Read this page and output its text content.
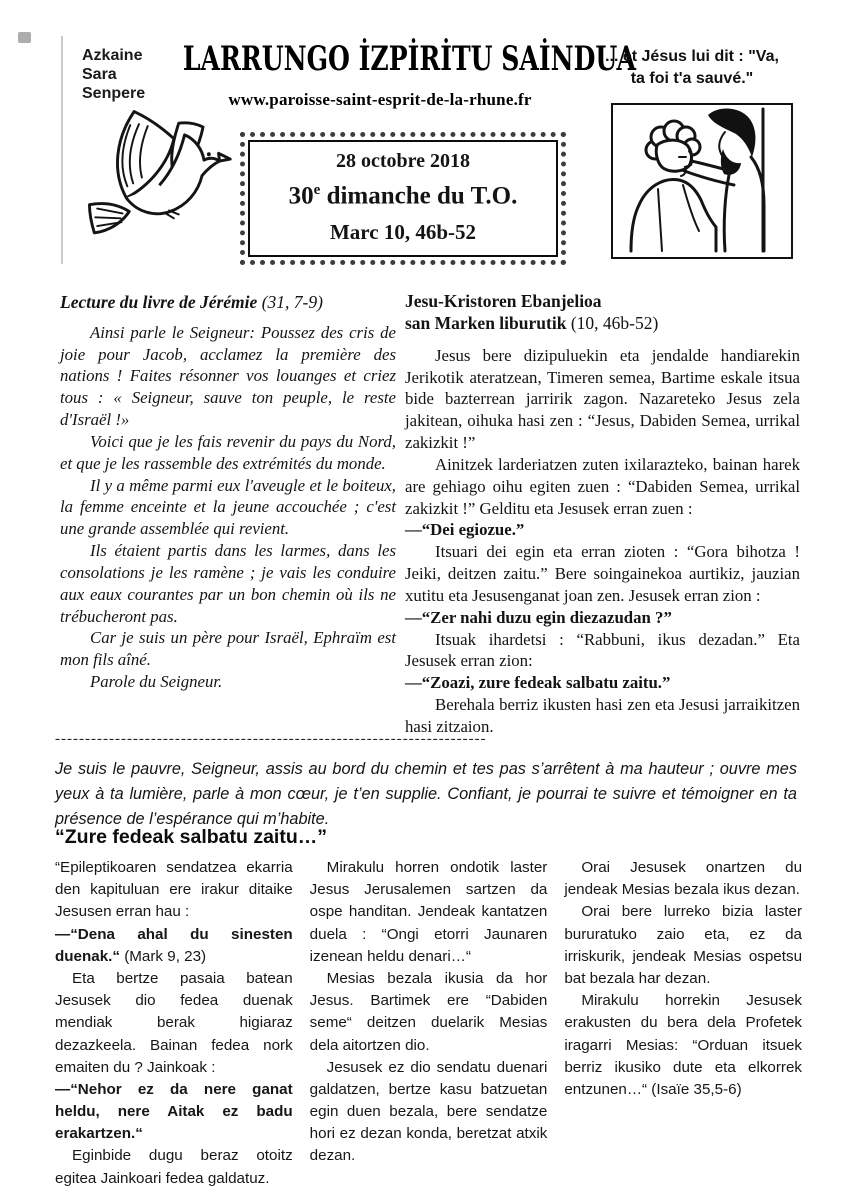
Azkaine
Sara
Senpere
LARRUNGO İZPİRİTU SAİNDUA
www.paroisse-saint-esprit-de-la-rhune.fr
... et Jésus lui dit : "Va,
ta foi t'a sauvé."
28 octobre 2018
30e dimanche du T.O.
Marc 10, 46b-52
Lecture du livre de Jérémie (31, 7-9)

Ainsi parle le Seigneur: Poussez des cris de joie pour Jacob, acclamez la première des nations ! Faites résonner vos louanges et criez tous : « Seigneur, sauve ton peuple, le reste d'Israël !»

Voici que je les fais revenir du pays du Nord, et que je les rassemble des extrémités du monde.

Il y a même parmi eux l'aveugle et le boiteux, la femme enceinte et la jeune accouchée ; c'est une grande assemblée qui revient.

Ils étaient partis dans les larmes, dans les consolations je les ramène ; je vais les conduire aux eaux courantes par un bon chemin où ils ne trébucheront pas.

Car je suis un père pour Israël, Ephraïm est mon fils aîné.

Parole du Seigneur.

Jesu-Kristoren Ebanjelioa
san Marken liburutik (10, 46b-52)

Jesus bere dizipuluekin eta jendalde handiarekin Jerikotik ateratzean, Timeren semea, Bartime eskale itsua bide bazterrean jarririk zagon. Nazareteko Jesus zela jakitean, oihuka hasi zen : “Jesus, Dabiden Semea, urrikal zakizkit !”

Ainitzek larderiatzen zuten ixilarazteko, bainan harek are gehiago oihu egiten zuen : “Dabiden Semea, urrikal zakizkit !” Gelditu eta Jesusek erran zuen :

—“Dei egiozue.”

Itsuari dei egin eta erran zioten : “Gora bihotza ! Jeiki, deitzen zaitu.” Bere soingainekoa aurtikiz, jauzian xutitu eta Jesusenganat joan zen. Jesusek erran zion :

—“Zer nahi duzu egin diezazudan ?”

Itsuak ihardetsi : “Rabbuni, ikus dezadan.” Eta Jesusek erran zion:

—“Zoazi, zure fedeak salbatu zaitu.”

Berehala berriz ikusten hasi zen eta Jesusi jarraikitzen hasi zitzaion.

------------------------------------------------------------------------
Je suis le pauvre, Seigneur, assis au bord du chemin et tes pas s’arrêtent à ma hauteur ; ouvre mes yeux à ta lumière, parle à mon cœur, je t’en supplie. Confiant, je pourrai te suivre et témoigner en ta présence de l’espérance qui m’habite.
“Zure fedeak salbatu zaitu…”

“Epileptikoaren sendatzea ekarria den kapituluan ere irakur ditaike Jesusen erran hau :

—“Dena ahal du sinesten duenak.“ (Mark 9, 23)

Eta bertze pasaia batean Jesusek dio fedea duenak mendiak berak higiaraz dezazkeela. Bainan fedea nork emaiten du ? Jainkoak :

—“Nehor ez da nere ganat heldu, nere Aitak ez badu erakartzen.“

Eginbide dugu beraz otoitz egitea Jainkoari fedea galdatuz.

Mirakulu horren ondotik laster Jesus Jerusalemen sartzen da ospe handitan. Jendeak kantatzen duela : “Ongi etorri Jaunaren izenean heldu denari…“

Mesias bezala ikusia da hor Jesus. Bartimek ere “Dabiden seme“ deitzen duelarik Mesias dela aitortzen dio.

Jesusek ez dio sendatu duenari galdatzen, bertze kasu batzuetan egin duen bezala, bere sendatze hori ez dezan konda, beretzat atxik dezan.

Orai Jesusek onartzen du jendeak Mesias bezala ikus dezan.

Orai bere lurreko bizia laster bururatuko zaio eta, ez da irriskurik, jendeak Mesias ospetsu bat bezala har dezan.

Mirakulu horrekin Jesusek erakusten du bera dela Profetek iragarri Mesias: “Orduan itsuek berriz ikusiko dute eta elkorrek entzunen…“ (Isaïe 35,5-6)
